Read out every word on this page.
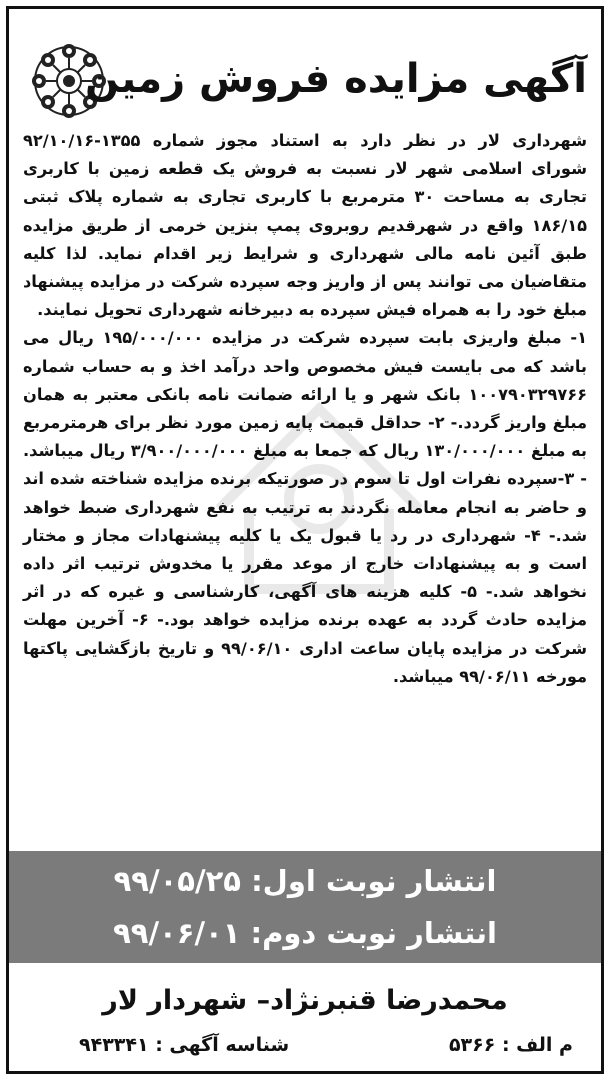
آگهی مزایده فروش زمین

شهرداری لار در نظر دارد به استناد مجوز شماره ۱۳۵۵-۹۲/۱۰/۱۶ شورای اسلامی شهر لار نسبت به فروش یک قطعه زمین با کاربری تجاری به مساحت ۳۰ مترمربع با کاربری تجاری به شماره پلاک ثبتی ۱۸۶/۱۵ واقع در شهرقدیم روبروی پمپ بنزین خرمی از طریق مزایده طبق آئین نامه مالی شهرداری و شرایط زیر اقدام نماید. لذا کلیه متقاضیان می توانند پس از واریز وجه سپرده شرکت در مزایده پیشنهاد مبلغ خود را به همراه فیش سپرده به دبیرخانه شهرداری تحویل نمایند.

۱- مبلغ واریزی بابت سپرده شرکت در مزایده ۱۹۵/۰۰۰/۰۰۰ ریال می باشد که می بایست فیش مخصوص واحد درآمد اخذ و به حساب شماره ۱۰۰۷۹۰۳۲۹۷۶۶ بانک شهر و یا ارائه ضمانت نامه بانکی معتبر به همان مبلغ واریز گردد.- ۲- حداقل قیمت پایه زمین مورد نظر برای هرمترمربع به مبلغ ۱۳۰/۰۰۰/۰۰۰ ریال که جمعا به مبلغ ۳/۹۰۰/۰۰۰/۰۰۰ ریال میباشد. - ۳-سپرده نفرات اول تا سوم در صورتیکه برنده مزایده شناخته شده اند و حاضر به انجام معامله نگردند به ترتیب به نفع شهرداری ضبط خواهد شد.- ۴- شهرداری در رد یا قبول یک یا کلیه پیشنهادات مجاز و مختار است و به پیشنهادات خارج از موعد مقرر یا مخدوش ترتیب اثر داده نخواهد شد.- ۵- کلیه هزینه های آگهی، کارشناسی و غیره که در اثر مزایده حادث گردد به عهده برنده مزایده خواهد بود.- ۶- آخرین مهلت شرکت در مزایده پایان ساعت اداری ۹۹/۰۶/۱۰ و تاریخ بازگشایی پاکتها مورخه ۹۹/۰۶/۱۱ میباشد.

انتشار نوبت اول: ۹۹/۰۵/۲۵
انتشار نوبت دوم: ۹۹/۰۶/۰۱
محمدرضا قنبرنژاد– شهردار لار
م الف : ۵۳۶۶
شناسه آگهی : ۹۴۳۳۴۱
